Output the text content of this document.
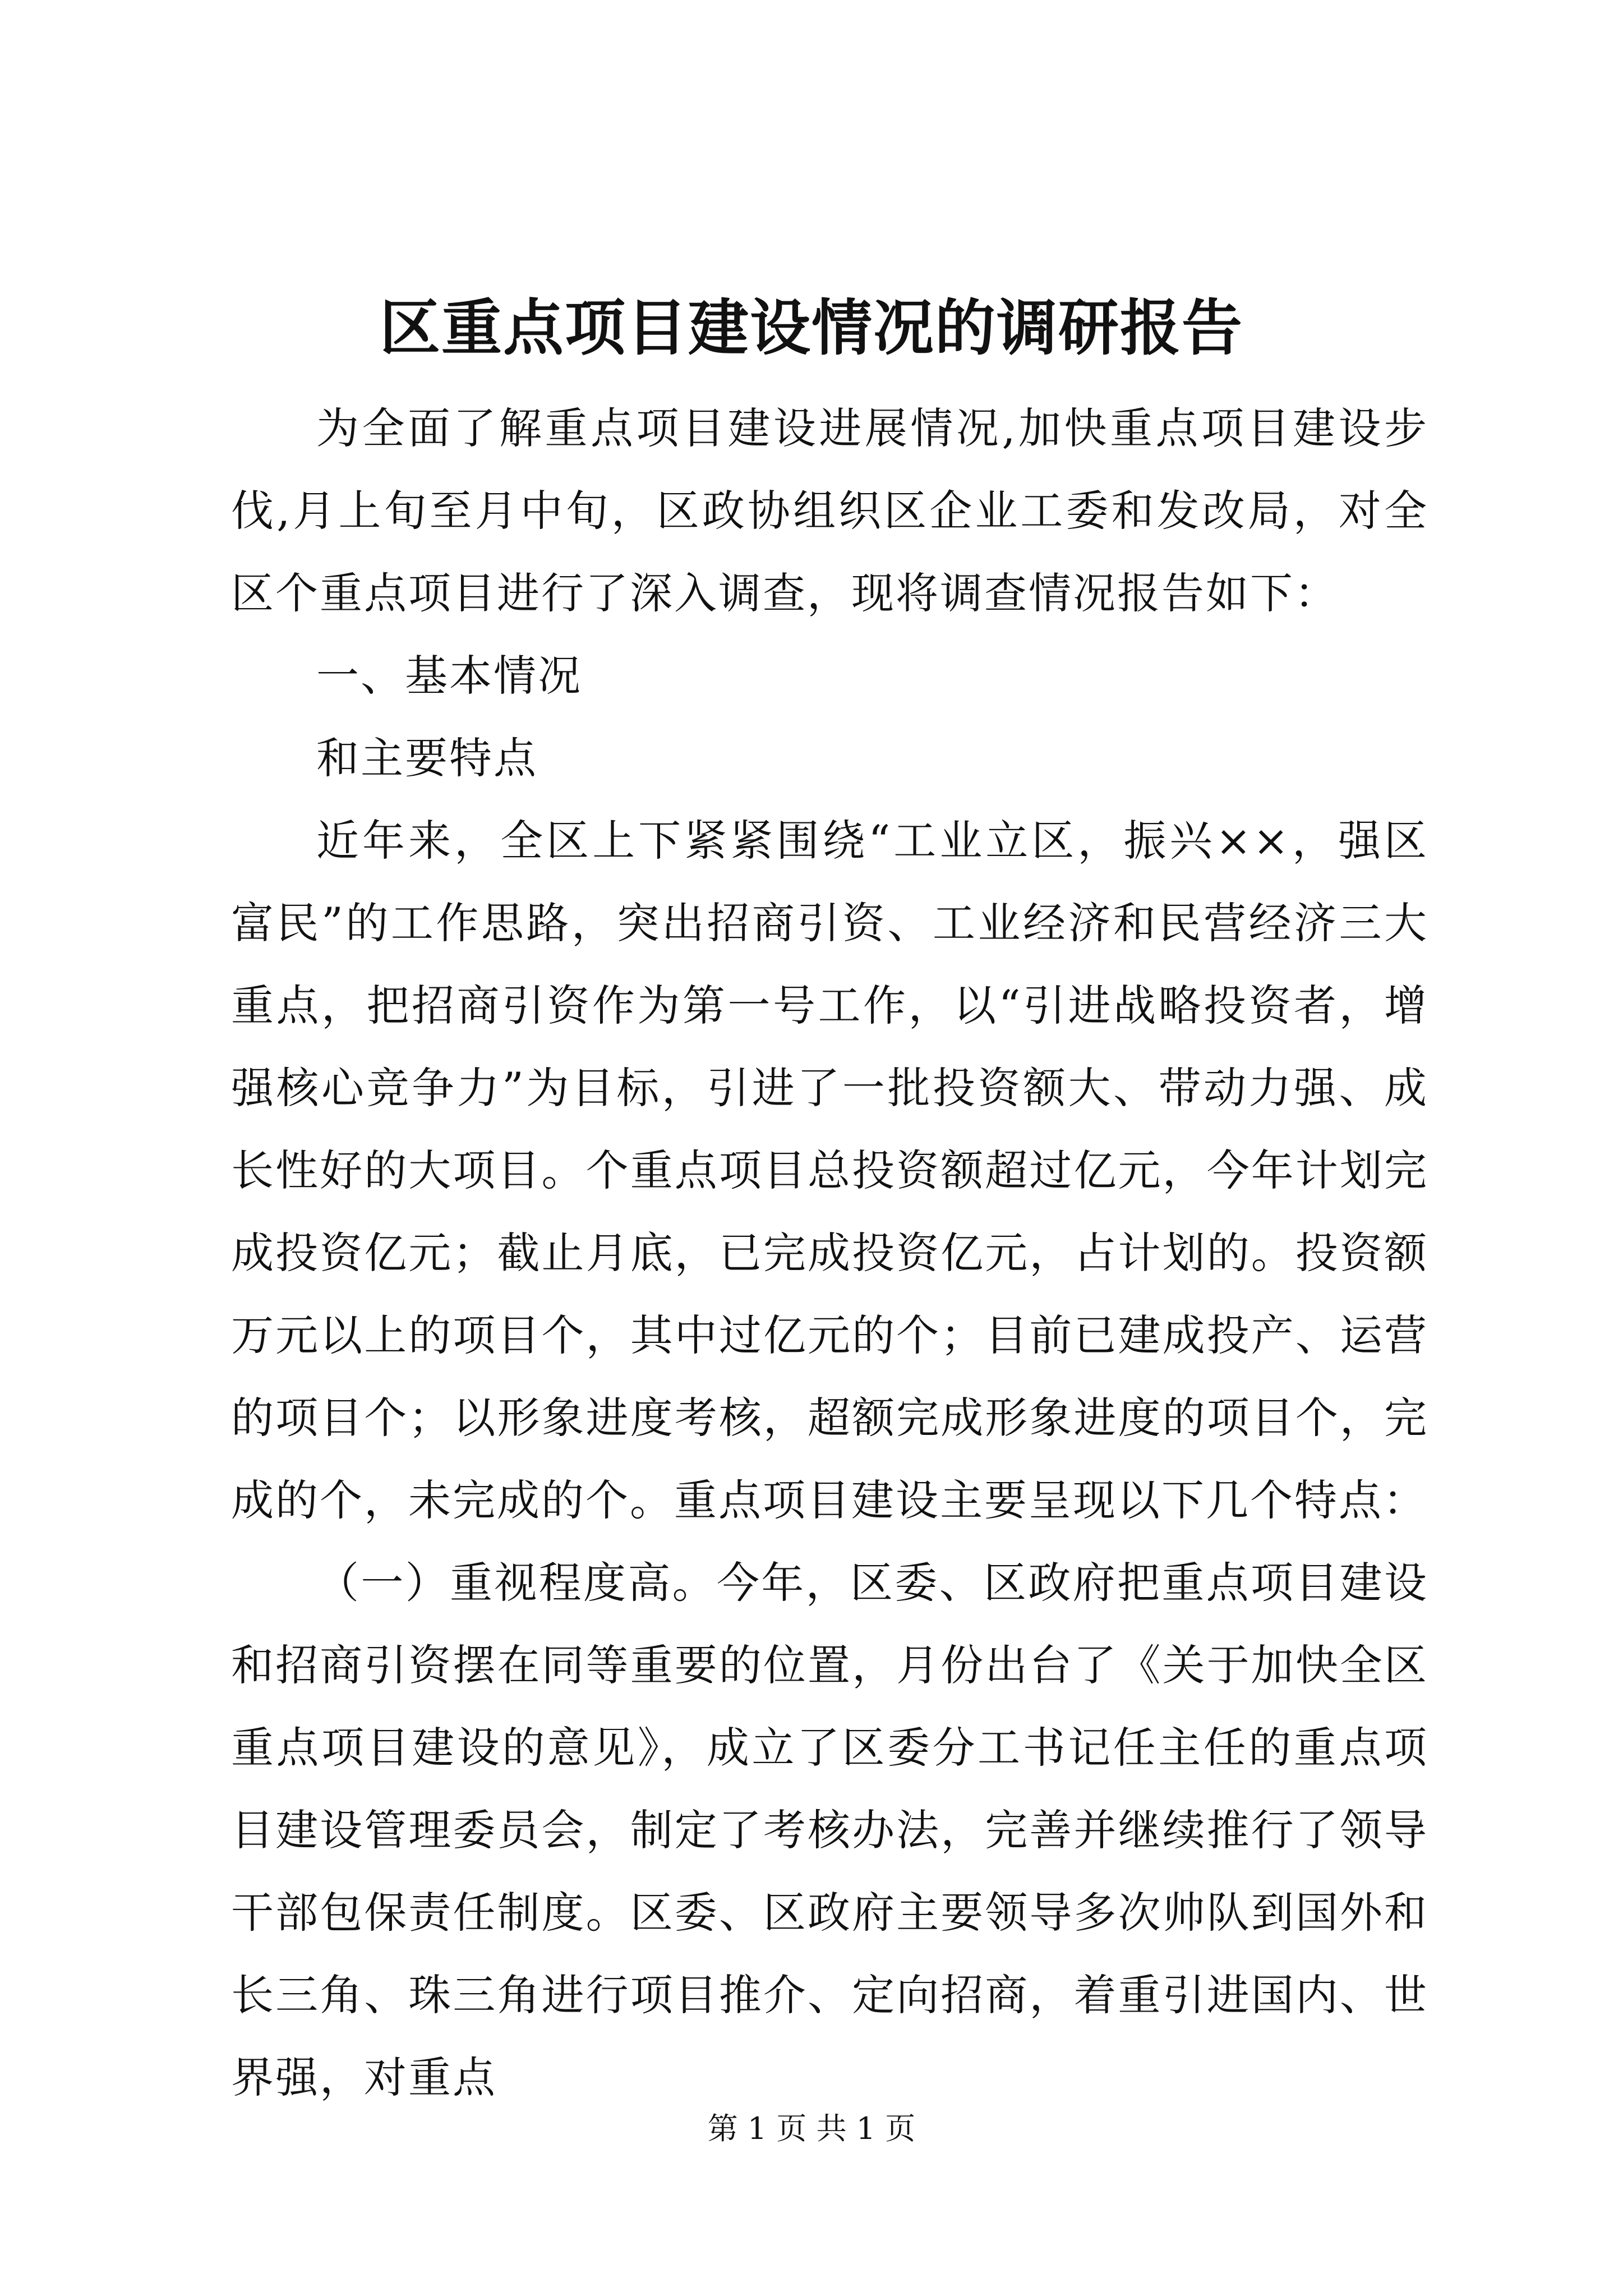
区重点项目建设情况的调研报告

为全面了解重点项目建设进展情况,加快重点项目建设步伐,月上旬至月中旬，区政协组织区企业工委和发改局，对全区个重点项目进行了深入调查，现将调查情况报告如下：

一、基本情况

和主要特点

近年来，全区上下紧紧围绕“工业立区，振兴××，强区富民”的工作思路，突出招商引资、工业经济和民营经济三大重点，把招商引资作为第一号工作，以“引进战略投资者，增强核心竞争力”为目标，引进了一批投资额大、带动力强、成长性好的大项目。个重点项目总投资额超过亿元，今年计划完成投资亿元；截止月底，已完成投资亿元，占计划的。投资额万元以上的项目个，其中过亿元的个；目前已建成投产、运营的项目个；以形象进度考核，超额完成形象进度的项目个，完成的个，未完成的个。重点项目建设主要呈现以下几个特点：

（一）重视程度高。今年，区委、区政府把重点项目建设和招商引资摆在同等重要的位置，月份出台了《关于加快全区重点项目建设的意见》，成立了区委分工书记任主任的重点项目建设管理委员会，制定了考核办法，完善并继续推行了领导干部包保责任制度。区委、区政府主要领导多次帅队到国外和长三角、珠三角进行项目推介、定向招商，着重引进国内、世界强，对重点

第 1 页 共 1 页
